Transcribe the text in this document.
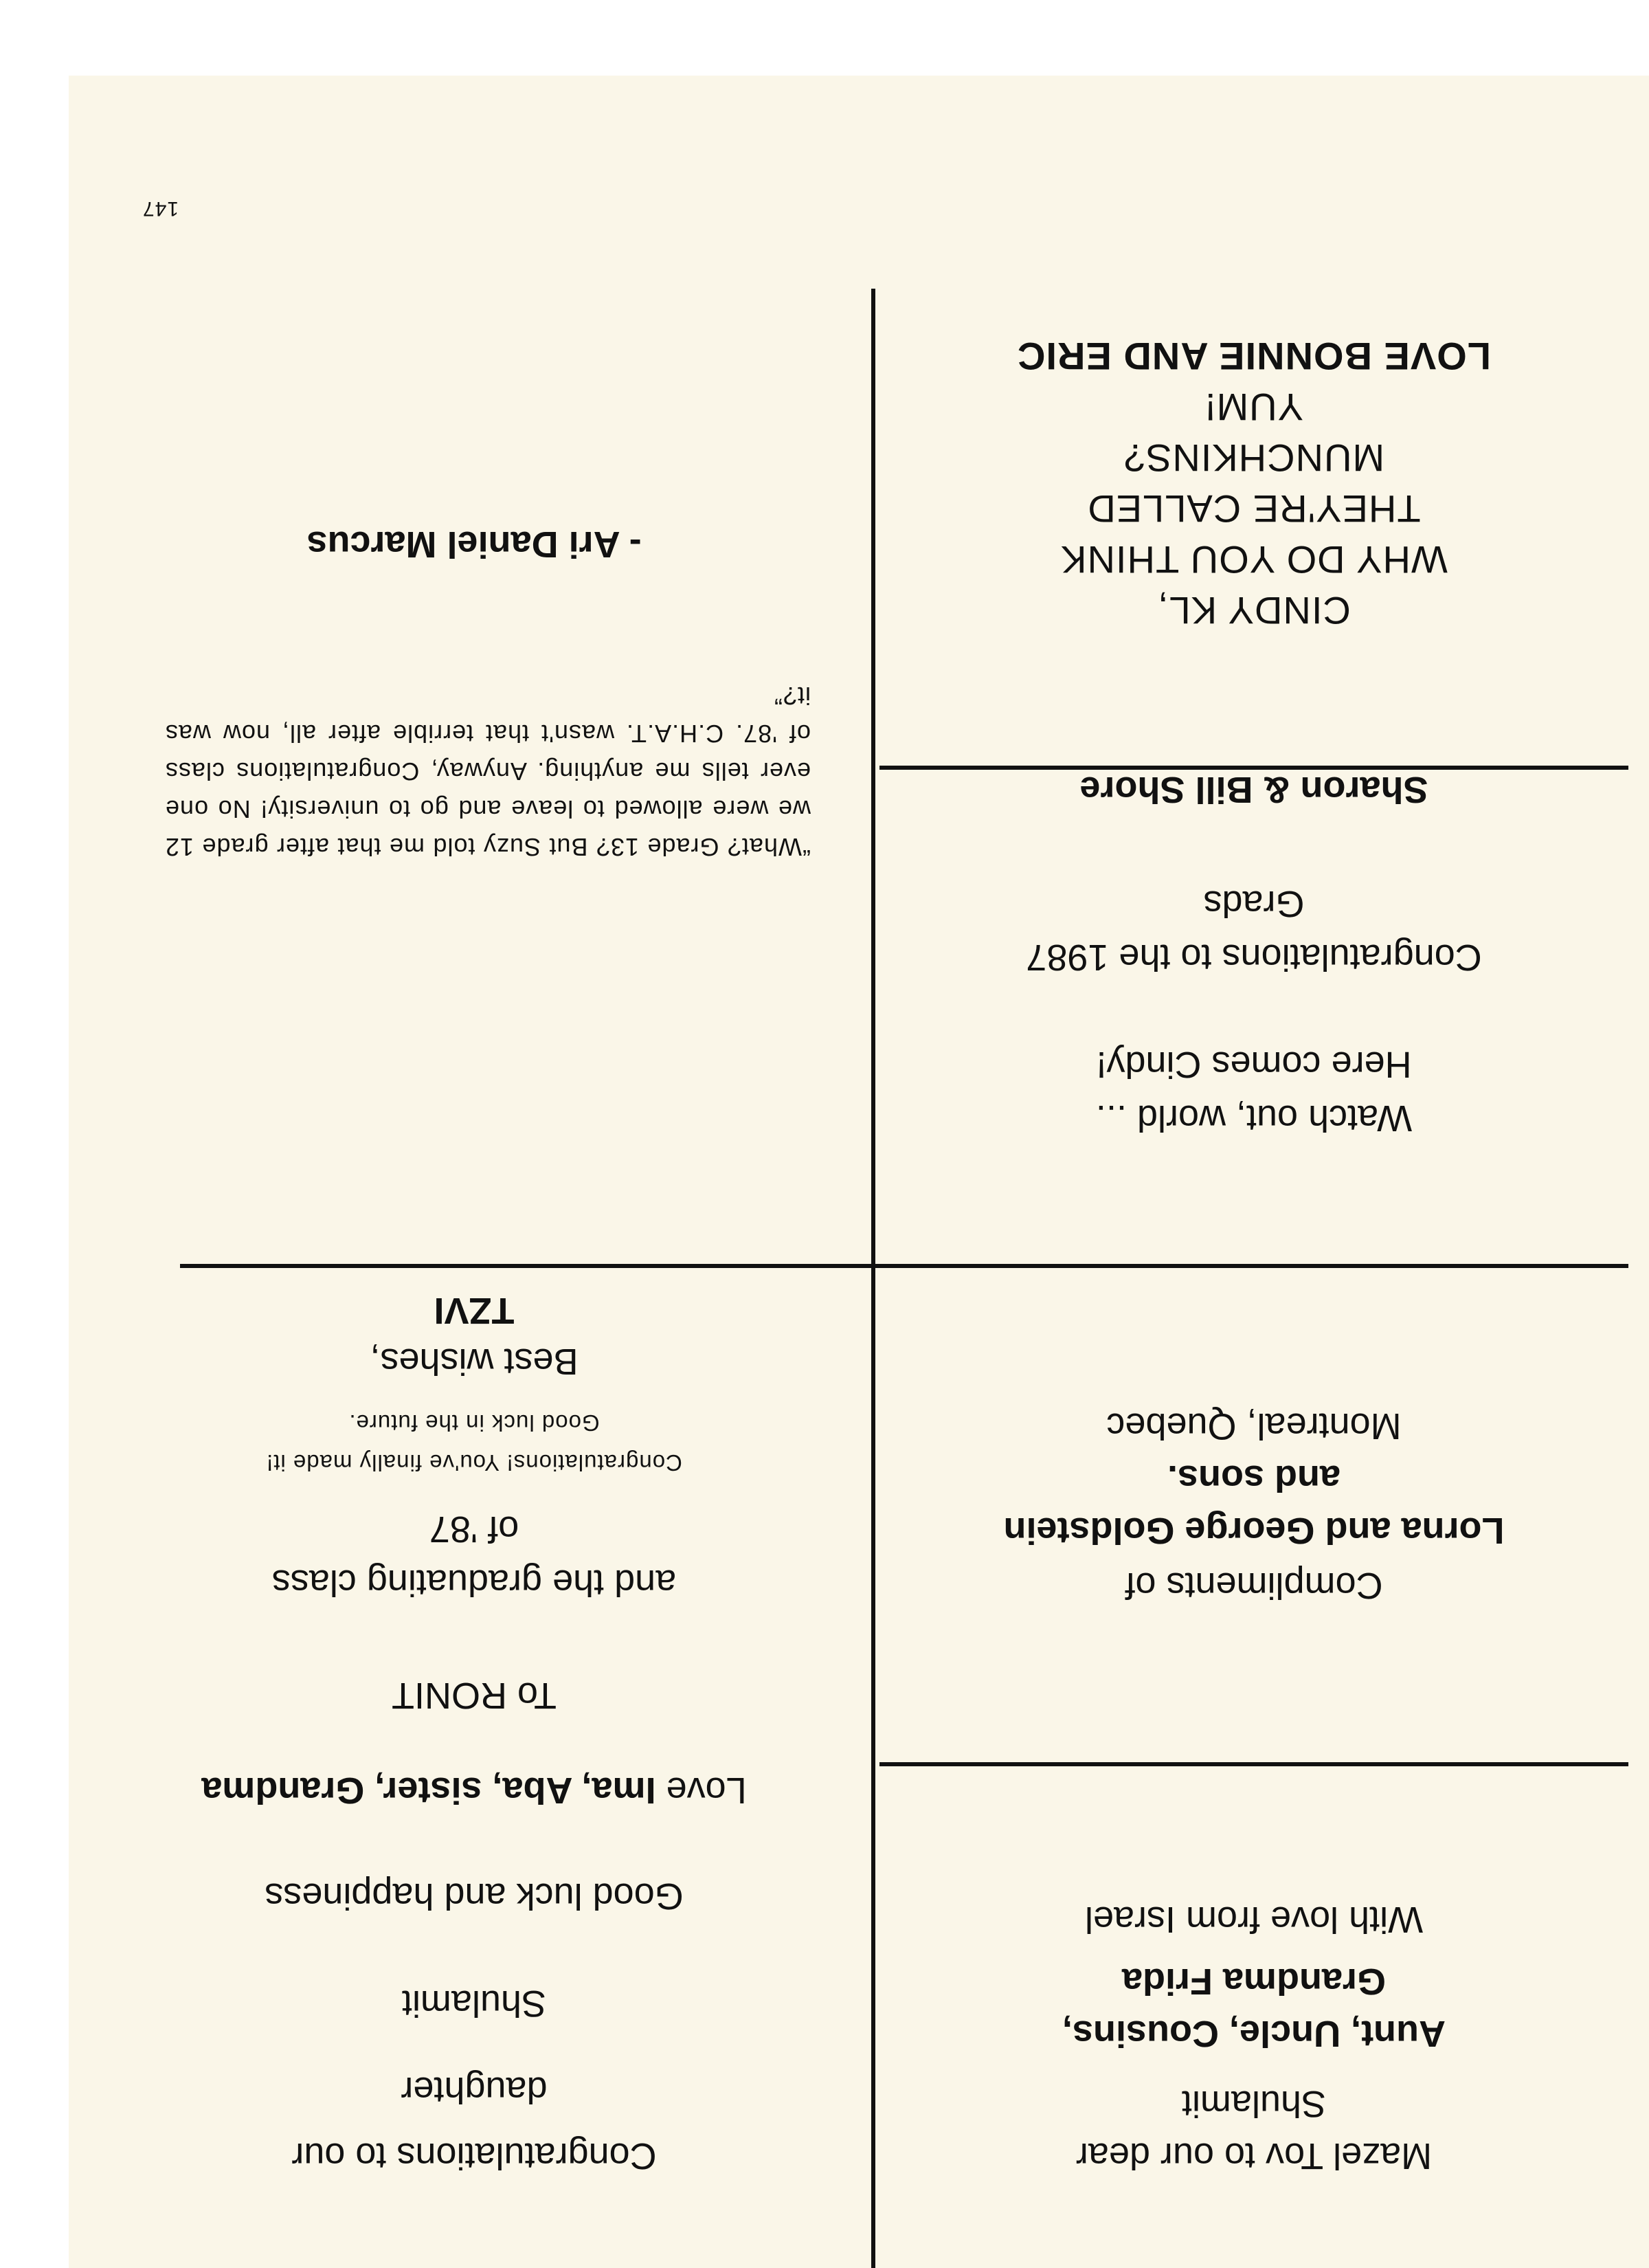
Mazel Tov to our dear

Shulamit

Aunt, Uncle, Cousins,

Grandma Frida

With love from Israel

Congratulations to our

daughter

Shulamit

Good luck and happiness

Love Ima, Aba, sister, Grandma

Compliments of

Lorna and George Goldstein

and sons.

Montreal, Quebec

To RONIT

and the graduating class

of '87

Congratulations! You've finally made it!

Good luck in the future.

Best wishes,

TZVI

Watch out, world ...

Here comes Cindy!

Congratulations to the 1987

Grads

Sharon & Bill Shore

CINDY KL,

WHY DO YOU THINK

THEY'RE CALLED

MUNCHKINS?

YUM!

LOVE BONNIE AND ERIC

“What? Grade 13? But Suzy told me that after grade 12 we were allowed to leave and go to university! No one ever tells me anything. Anyway, Congratulations class of '87. C.H.A.T. wasn't that terrible after all, now was it?”

- Ari Daniel Marcus

147
